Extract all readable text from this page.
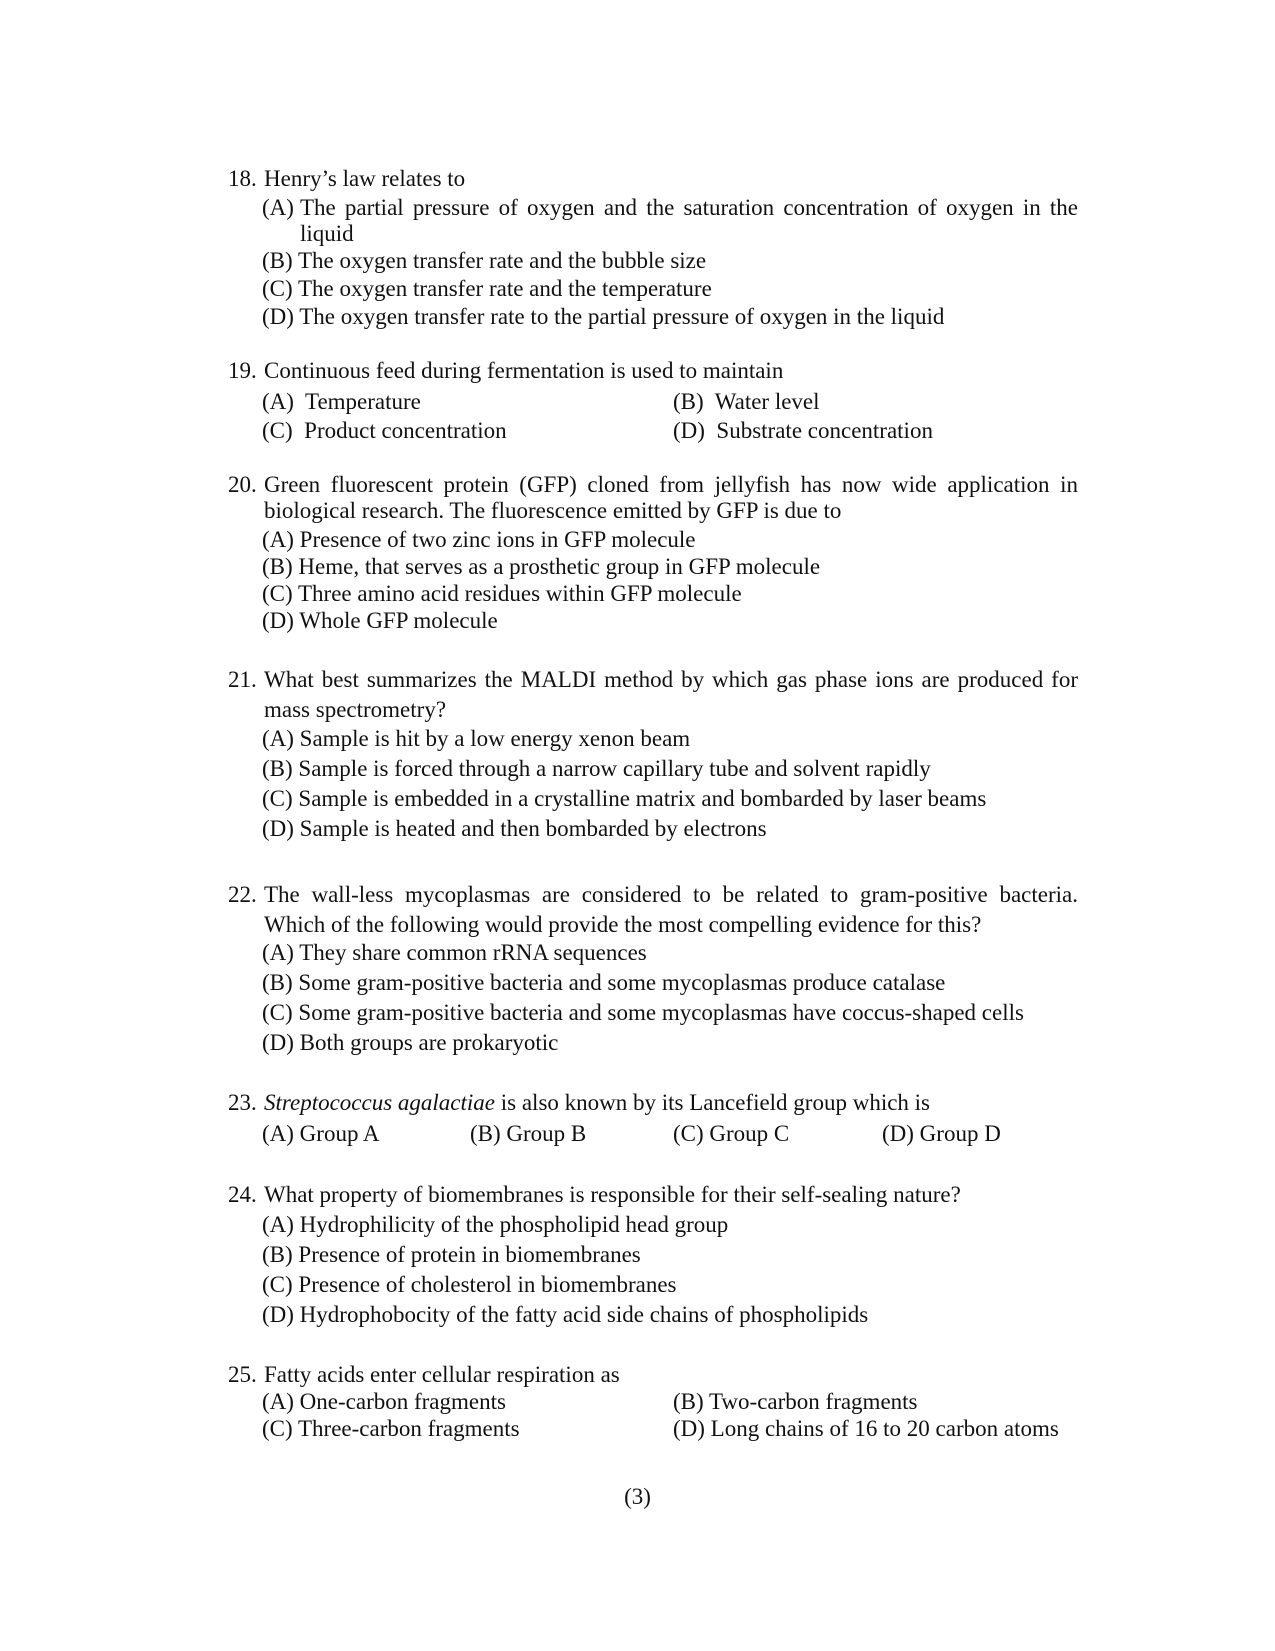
18. Henry’s law relates to
(A) The partial pressure of oxygen and the saturation concentration of oxygen in the liquid
(B) The oxygen transfer rate and the bubble size
(C) The oxygen transfer rate and the temperature
(D) The oxygen transfer rate to the partial pressure of oxygen in the liquid
19. Continuous feed during fermentation is used to maintain
(A)  Temperature	(B)  Water level
(C)  Product concentration	(D)  Substrate concentration
20. Green fluorescent protein (GFP) cloned from jellyfish has now wide application in biological research. The fluorescence emitted by GFP is due to
(A) Presence of two zinc ions in GFP molecule
(B) Heme, that serves as a prosthetic group in GFP molecule
(C) Three amino acid residues within GFP molecule
(D) Whole GFP molecule
21. What best summarizes the MALDI method by which gas phase ions are produced for mass spectrometry?
(A) Sample is hit by a low energy xenon beam
(B) Sample is forced through a narrow capillary tube and solvent rapidly
(C) Sample is embedded in a crystalline matrix and bombarded by laser beams
(D) Sample is heated and then bombarded by electrons
22. The wall-less mycoplasmas are considered to be related to gram-positive bacteria. Which of the following would provide the most compelling evidence for this?
(A) They share common rRNA sequences
(B) Some gram-positive bacteria and some mycoplasmas produce catalase
(C) Some gram-positive bacteria and some mycoplasmas have coccus-shaped cells
(D) Both groups are prokaryotic
23. Streptococcus agalactiae is also known by its Lancefield group which is
(A) Group A	(B) Group B	(C) Group C	(D) Group D
24. What property of biomembranes is responsible for their self-sealing nature?
(A) Hydrophilicity of the phospholipid head group
(B) Presence of protein in biomembranes
(C) Presence of cholesterol in biomembranes
(D) Hydrophobocity of the fatty acid side chains of phospholipids
25. Fatty acids enter cellular respiration as
(A) One-carbon fragments	(B) Two-carbon fragments
(C) Three-carbon fragments	(D) Long chains of 16 to 20 carbon atoms
(3)
